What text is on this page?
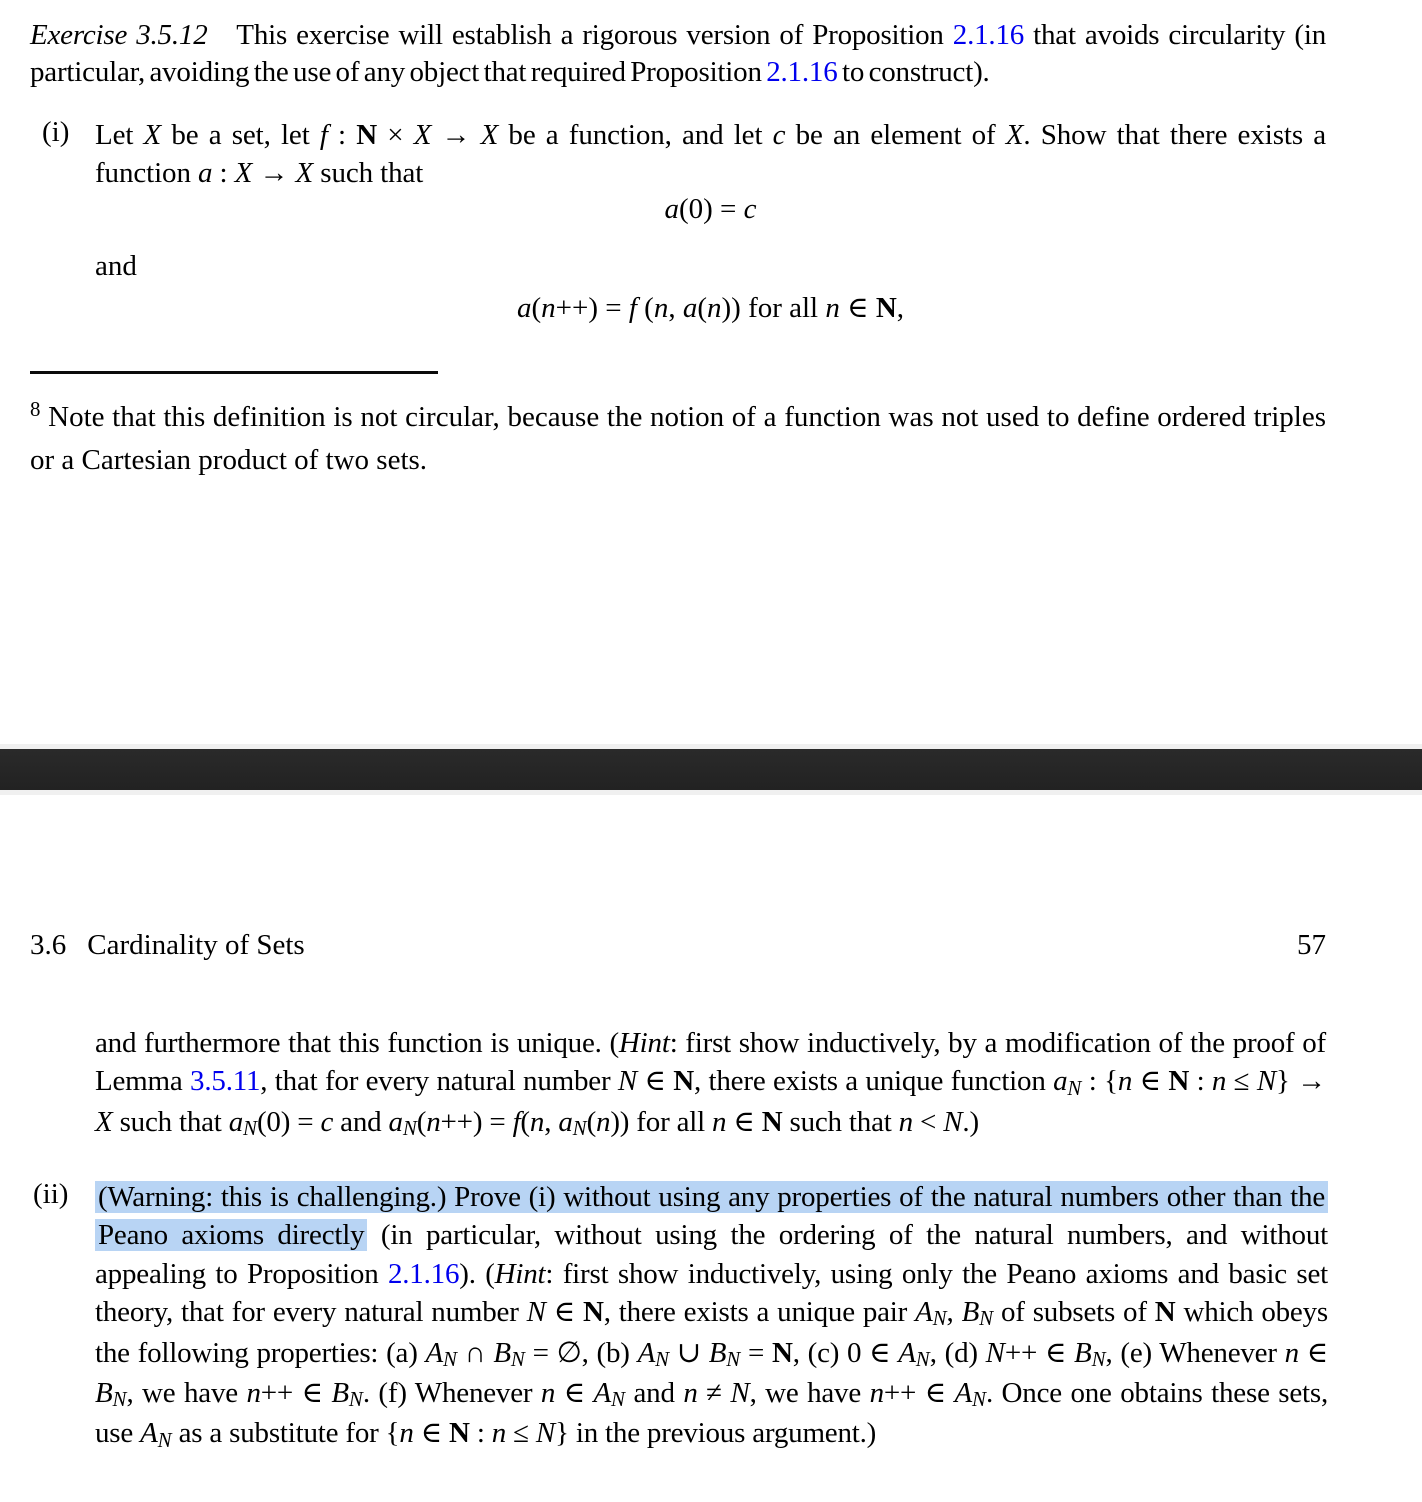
Exercise 3.5.12 This exercise will establish a rigorous version of Proposition 2.1.16 that avoids circularity (in particular, avoiding the use of any object that required Proposition 2.1.16 to construct).

(i) Let X be a set, let f : N × X → X be a function, and let c be an element of X. Show that there exists a function a : X → X such that

a(0) = c

and

a(n++) = f (n, a(n)) for all n ∈ N,

$^8$ Note that this definition is not circular, because the notion of a function was not used to define ordered triples or a Cartesian product of two sets.

3.6 Cardinality of Sets	57

and furthermore that this function is unique. (Hint: first show inductively, by a modification of the proof of Lemma 3.5.11, that for every natural number N ∈ N, there exists a unique function aN : {n ∈ N : n ≤ N} → X such that aN(0) = c and aN(n++) = f(n, aN(n)) for all n ∈ N such that n < N.)

(ii) (Warning: this is challenging.) Prove (i) without using any properties of the natural numbers other than the Peano axioms directly (in particular, without using the ordering of the natural numbers, and without appealing to Proposition 2.1.16). (Hint: first show inductively, using only the Peano axioms and basic set theory, that for every natural number N ∈ N, there exists a unique pair AN, BN of subsets of N which obeys the following properties: (a) AN ∩ BN = ∅, (b) AN ∪ BN = N, (c) 0 ∈ AN, (d) N++ ∈ BN, (e) Whenever n ∈ BN, we have n++ ∈ BN. (f) Whenever n ∈ AN and n ≠ N, we have n++ ∈ AN. Once one obtains these sets, use AN as a substitute for {n ∈ N : n ≤ N} in the previous argument.)
